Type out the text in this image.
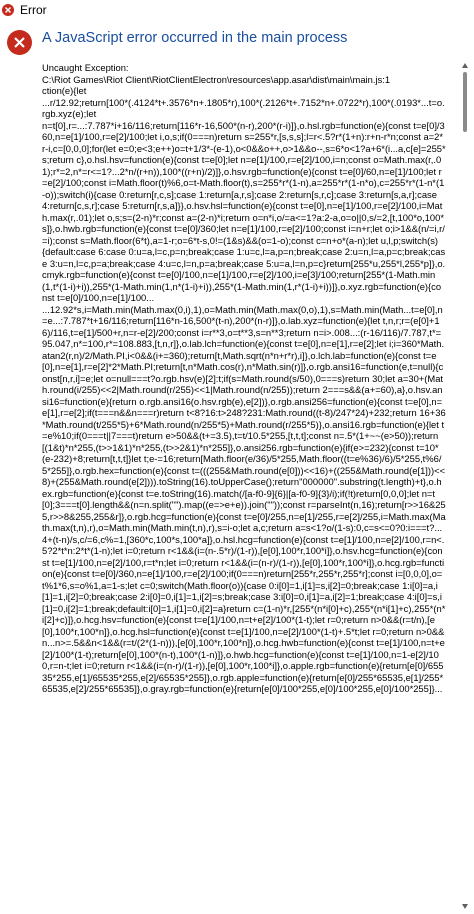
Error
A JavaScript error occurred in the main process
Uncaught Exception:
C:\Riot Games\Riot Client\RiotClientElectron\resources\app.asar\dist\main\main.js:1
ction(e){let
...r/12.92;return[100*(.4124*t+.3576*n+.1805*r),100*(.2126*t+.7152*n+.0722*r),100*(.0193*...t=o.rgb.xyz(e);let
n=t[0],r=...:7.787*i+16/116;return[116*r-16,500*(n-r),200*(r-i)]},o.hsl.rgb=function(e){const t=e[0]/360,n=e[1]/100,r=e[2]/100;let i,o,s;if(0===n)return s=255*r,[s,s,s];l=r<.5?r*(1+n):r+n-r*n;const a=2*r-i,c=[0,0,0];for(let e=0;e<3;e++)o=t+1/3*-(e-1),o<0&&o++,o>1&&o--,s=6*o<1?a+6*(i...a,c[e]=255*s;return c},o.hsl.hsv=function(e){const t=e[0];let n=e[1]/100,r=e[2]/100,i=n;const o=Math.max(r,.01);r*=2,n*=r<=1?...2*n/(r+n)),100*((r+n)/2)]},o.hsv.rgb=function(e){const t=e[0]/60,n=e[1]/100;let r=e[2]/100;const i=Math.floor(t)%6,o=t-Math.floor(t),s=255*r*(1-n),a=255*r*(1-n*o),c=255*r*(1-n*(1-o));switch(i){case 0:return[r,c,s];case 1:return[a,r,s];case 2:return[s,r,c];case 3:return[s,a,r];case 4:return[c,s,r];case 5:return[r,s,a]}},o.hsv.hsl=function(e){const t=e[0],n=e[1]/100,r=e[2]/100,i=Math.max(r,.01);let o,s;s=(2-n)*r;const a=(2-n)*i;return o=n*i,o/=a<=1?a:2-a,o=o||0,s/=2,[t,100*o,100*s]},o.hwb.rgb=function(e){const t=e[0]/360;let n=e[1]/100,r=e[2]/100;const i=n+r;let o;i>1&&(n/=i,r/=i);const s=Math.floor(6*t),a=1-r;o=6*t-s,0!=(1&s)&&(o=1-o);const c=n+o*(a-n);let u,l,p;switch(s){default:case 6:case 0:u=a,l=c,p=n;break;case 1:u=c,l=a,p=n;break;case 2:u=n,l=a,p=c;break;case 3:u=n,l=c,p=a;break;case 4:u=c,l=n,p=a;break;case 5:u=a,l=n,p=c}return[255*u,255*l,255*p]},o.cmyk.rgb=function(e){const t=e[0]/100,n=e[1]/100,r=e[2]/100,i=e[3]/100;return[255*(1-Math.min(1,t*(1-i)+i)),255*(1-Math.min(1,n*(1-i)+i)),255*(1-Math.min(1,r*(1-i)+i))]},o.xyz.rgb=function(e){const t=e[0]/100,n=e[1]/100...
...12.92*s,i=Math.min(Math.max(0,i),1),o=Math.min(Math.max(0,o),1),s=Math.min(Math...t=e[0],n=e...:7.787*t+16/116;return[116*n-16,500*(t-n),200*(n-r)]},o.lab.xyz=function(e){let t,n,r;r=(e[0]+16)/116,t=e[1]/500+r,n=r-e[2]/200;const i=r**3,o=t**3,s=n**3;return n=i>.008...:(r-16/116)/7.787,t*=95.047,n*=100,r*=108.883,[t,n,r]},o.lab.lch=function(e){const t=e[0],n=e[1],r=e[2];let i;i=360*Math.atan2(r,n)/2/Math.PI,i<0&&(i+=360);return[t,Math.sqrt(n*n+r*r),i]},o.lch.lab=function(e){const t=e[0],n=e[1],r=e[2]*2*Math.PI;return[t,n*Math.cos(r),n*Math.sin(r)]},o.rgb.ansi16=function(e,t=null){const[n,r,i]=e;let o=null===t?o.rgb.hsv(e)[2]:t;if(s=Math.round(s/50),0===s)return 30;let a=30+(Math.round(i/255)<<2|Math.round(r/255)<<1|Math.round(n/255));return 2===s&&(a+=60),a},o.hsv.ansi16=function(e){return o.rgb.ansi16(o.hsv.rgb(e),e[2])},o.rgb.ansi256=function(e){const t=e[0],n=e[1],r=e[2];if(t===n&&n===r)return t<8?16:t>248?231:Math.round((t-8)/247*24)+232;return 16+36*Math.round(t/255*5)+6*Math.round(n/255*5)+Math.round(r/255*5)},o.ansi16.rgb=function(e){let t=e%10;if(0===t||7===t)return e>50&&(t+=3.5),t=t/10.5*255,[t,t,t];const n=.5*(1+~~(e>50));return[(1&t)*n*255,(t>>1&1)*n*255,(t>>2&1)*n*255]},o.ansi256.rgb=function(e){if(e>=232){const t=10*(e-232)+8;return[t,t,t]}let t;e-=16;return[Math.floor(e/36)/5*255,Math.floor((t=e%36)/6)/5*255,t%6/5*255]},o.rgb.hex=function(e){const t=(((255&Math.round(e[0]))<<16)+((255&Math.round(e[1]))<<8)+(255&Math.round(e[2]))).toString(16).toUpperCase();return"000000".substring(t.length)+t},o.hex.rgb=function(e){const t=e.toString(16).match(/[a-f0-9]{6}|[a-f0-9]{3}/i);if(!t)return[0,0,0];let n=t[0];3===t[0].length&&(n=n.split("").map((e=>e+e)).join(""));const r=parseInt(n,16);return[r>>16&255,r>>8&255,255&r]},o.rgb.hcg=function(e){const t=e[0]/255,n=e[1]/255,r=e[2]/255,i=Math.max(Math.max(t,n),r),o=Math.min(Math.min(t,n),r),s=i-o;let a,c;return a=s<1?o/(1-s):0,c=s<=0?0:i===t?...4+(t-n)/s,c/=6,c%=1,[360*c,100*s,100*a]},o.hsl.hcg=function(e){const t=e[1]/100,n=e[2]/100,r=n<.5?2*t*n:2*t*(1-n);let i=0;return r<1&&(i=(n-.5*r)/(1-r)),[e[0],100*r,100*i]},o.hsv.hcg=function(e){const t=e[1]/100,n=e[2]/100,r=t*n;let i=0;return r<1&&(i=(n-r)/(1-r)),[e[0],100*r,100*i]},o.hcg.rgb=function(e){const t=e[0]/360,n=e[1]/100,r=e[2]/100;if(0===n)return[255*r,255*r,255*r];const i=[0,0,0],o=t%1*6,s=o%1,a=1-s;let c=0;switch(Math.floor(o)){case 0:i[0]=1,i[1]=s,i[2]=0;break;case 1:i[0]=a,i[1]=1,i[2]=0;break;case 2:i[0]=0,i[1]=1,i[2]=s;break;case 3:i[0]=0,i[1]=a,i[2]=1;break;case 4:i[0]=s,i[1]=0,i[2]=1;break;default:i[0]=1,i[1]=0,i[2]=a}return c=(1-n)*r,[255*(n*i[0]+c),255*(n*i[1]+c),255*(n*i[2]+c)]},o.hcg.hsv=function(e){const t=e[1]/100,n=t+e[2]/100*(1-t);let r=0;return n>0&&(r=t/n),[e[0],100*r,100*n]},o.hcg.hsl=function(e){const t=e[1]/100,n=e[2]/100*(1-t)+.5*t;let r=0;return n>0&&n...n>=.5&&n<1&&(r=t/(2*(1-n))),[e[0],100*r,100*n]},o.hcg.hwb=function(e){const t=e[1]/100,n=t+e[2]/100*(1-t);return[e[0],100*(n-t),100*(1-n)]},o.hwb.hcg=function(e){const t=e[1]/100,n=1-e[2]/100,r=n-t;let i=0;return r<1&&(i=(n-r)/(1-r)),[e[0],100*r,100*i]},o.apple.rgb=function(e){return[e[0]/65535*255,e[1]/65535*255,e[2]/65535*255]},o.rgb.apple=function(e){return[e[0]/255*65535,e[1]/255*65535,e[2]/255*65535]},o.gray.rgb=function(e){return[e[0]/100*255,e[0]/100*255,e[0]/100*255]}...
